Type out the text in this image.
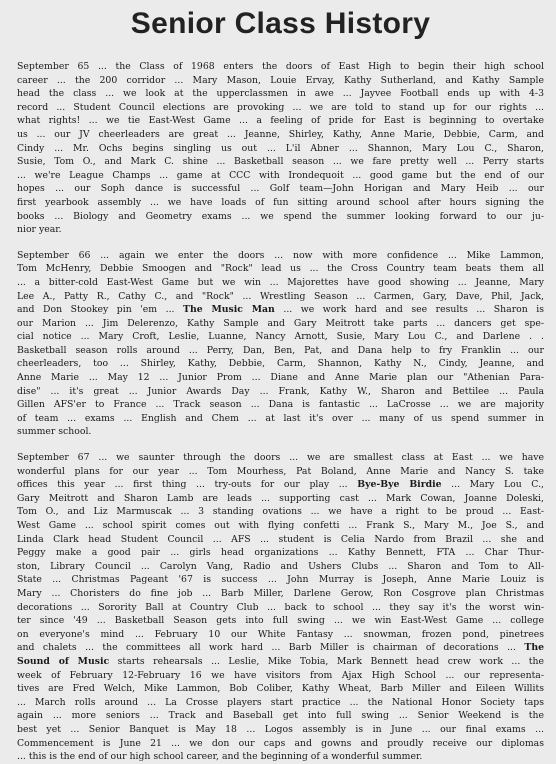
Senior Class History

September 65 ... the Class of 1968 enters the doors of East High to begin their high school
career ... the 200 corridor ... Mary Mason, Louie Ervay, Kathy Sutherland, and Kathy Sample
head the class ... we look at the upperclassmen in awe ... Jayvee Football ends up with 4-3
record ... Student Council elections are provoking ... we are told to stand up for our rights ...
what rights! ... we tie East-West Game ... a feeling of pride for East is beginning to overtake
us ... our JV cheerleaders are great ... Jeanne, Shirley, Kathy, Anne Marie, Debbie, Carm, and
Cindy ... Mr. Ochs begins singling us out ... L'il Abner ... Shannon, Mary Lou C., Sharon,
Susie, Tom O., and Mark C. shine ... Basketball season ... we fare pretty well ... Perry starts
... we're League Champs ... game at CCC with Irondequoit ... good game but the end of our
hopes ... our Soph dance is successful ... Golf team—John Horigan and Mary Heib ... our
first yearbook assembly ... we have loads of fun sitting around school after hours signing the
books ... Biology and Geometry exams ... we spend the summer looking forward to our ju-
nior year.

September 66 ... again we enter the doors ... now with more confidence ... Mike Lammon,
Tom McHenry, Debbie Smoogen and "Rock" lead us ... the Cross Country team beats them all
... a bitter-cold East-West Game but we win ... Majorettes have good showing ... Jeanne, Mary
Lee A., Patty R., Cathy C., and "Rock" ... Wrestling Season ... Carmen, Gary, Dave, Phil, Jack,
and Don Stookey pin 'em ... The Music Man ... we work hard and see results ... Sharon is
our Marion ... Jim Delerenzo, Kathy Sample and Gary Meitrott take parts ... dancers get spe-
cial notice ... Mary Croft, Leslie, Luanne, Nancy Arnott, Susie, Mary Lou C., and Darlene . .
Basketball season rolls around ... Perry, Dan, Ben, Pat, and Dana help to fry Franklin ... our
cheerleaders, too ... Shirley, Kathy, Debbie, Carm, Shannon, Kathy N., Cindy, Jeanne, and
Anne Marie ... May 12 ... Junior Prom ... Diane and Anne Marie plan our "Athenian Para-
dise" ... it's great ... Junior Awards Day ... Frank, Kathy W., Sharon and Bettilee ... Paula
Gillen AFS'er to France ... Track season ... Dana is fantastic ... LaCrosse ... we are majority
of team ... exams ... English and Chem ... at last it's over ... many of us spend summer in
summer school.

September 67 ... we saunter through the doors ... we are smallest class at East ... we have
wonderful plans for our year ... Tom Mourhess, Pat Boland, Anne Marie and Nancy S. take
offices this year ... first thing ... try-outs for our play ... Bye-Bye Birdie ... Mary Lou C.,
Gary Meitrott and Sharon Lamb are leads ... supporting cast ... Mark Cowan, Joanne Doleski,
Tom O., and Liz Marmuscak ... 3 standing ovations ... we have a right to be proud ... East-
West Game ... school spirit comes out with flying confetti ... Frank S., Mary M., Joe S., and
Linda Clark head Student Council ... AFS ... student is Celia Nardo from Brazil ... she and
Peggy make a good pair ... girls head organizations ... Kathy Bennett, FTA ... Char Thur-
ston, Library Council ... Carolyn Vang, Radio and Ushers Clubs ... Sharon and Tom to All-
State ... Christmas Pageant '67 is success ... John Murray is Joseph, Anne Marie Louiz is
Mary ... Choristers do fine job ... Barb Miller, Darlene Gerow, Ron Cosgrove plan Christmas
decorations ... Sorority Ball at Country Club ... back to school ... they say it's the worst win-
ter since '49 ... Basketball Season gets into full swing ... we win East-West Game ... college
on everyone's mind ... February 10 our White Fantasy ... snowman, frozen pond, pinetrees
and chalets ... the committees all work hard ... Barb Miller is chairman of decorations ... The
Sound of Music starts rehearsals ... Leslie, Mike Tobia, Mark Bennett head crew work ... the
week of February 12-February 16 we have visitors from Ajax High School ... our representa-
tives are Fred Welch, Mike Lammon, Bob Coliber, Kathy Wheat, Barb Miller and Eileen Willits
... March rolls around ... La Crosse players start practice ... the National Honor Society taps
again ... more seniors ... Track and Baseball get into full swing ... Senior Weekend is the
best yet ... Senior Banquet is May 18 ... Logos assembly is in June ... our final exams ...
Commencement is June 21 ... we don our caps and gowns and proudly receive our diplomas
... this is the end of our high school career, and the beginning of a wonderful summer.
